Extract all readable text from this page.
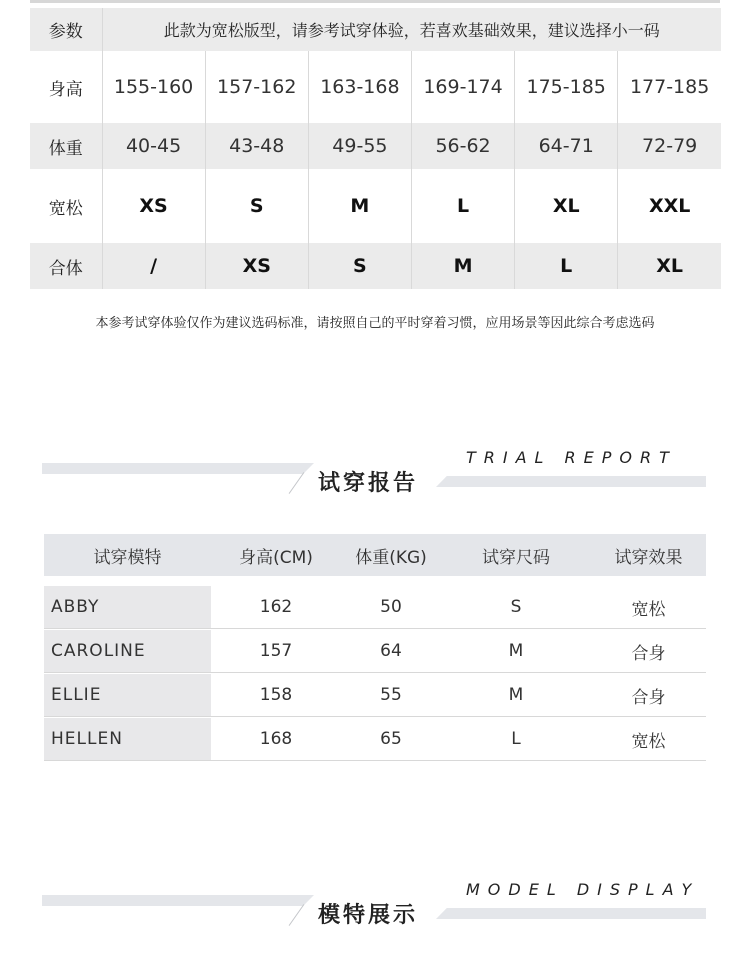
参数	此款为宽松版型，请参考试穿体验，若喜欢基础效果，建议选择小一码					
身高	155-160	157-162	163-168	169-174	175-185	177-185
体重	40-45	43-48	49-55	56-62	64-71	72-79
宽松	XS	S	M	L	XL	XXL
合体	/	XS	S	M	L	XL
本参考试穿体验仅作为建议选码标准，请按照自己的平时穿着习惯，应用场景等因此综合考虑选码
试穿报告
TRIAL REPORT
试穿模特	身高(CM)	体重(KG)	试穿尺码	试穿效果
ABBY	162	50	S	宽松
CAROLINE	157	64	M	合身
ELLIE	158	55	M	合身
HELLEN	168	65	L	宽松
模特展示
MODEL DISPLAY
